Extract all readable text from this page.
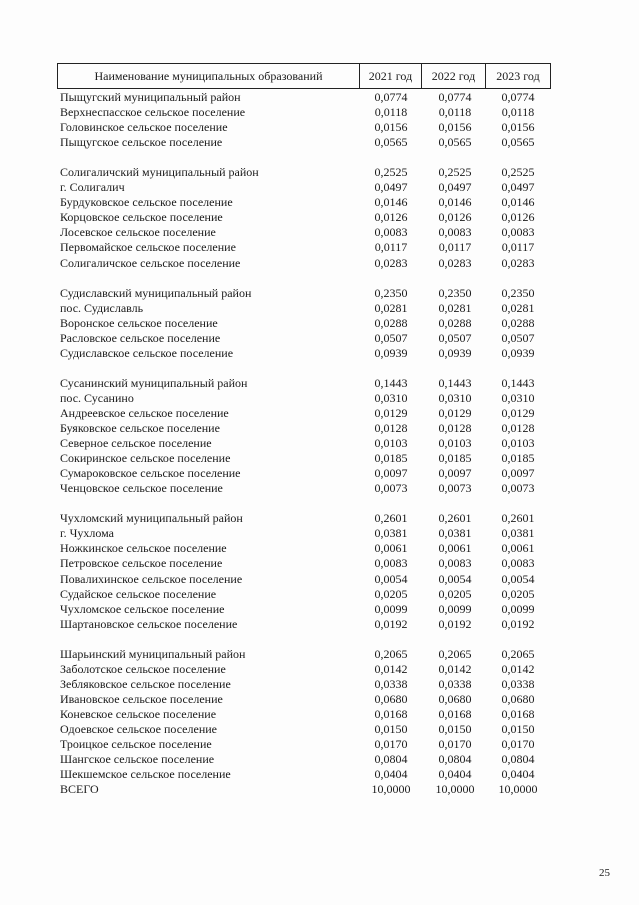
Наименование муниципальных образований	2021 год	2022 год	2023 год
Пыщугский муниципальный район	0,0774	0,0774	0,0774
Верхнеспасское сельское поселение	0,0118	0,0118	0,0118
Головинское сельское поселение	0,0156	0,0156	0,0156
Пыщугское сельское поселение	0,0565	0,0565	0,0565
Солигаличский муниципальный район	0,2525	0,2525	0,2525
г. Солигалич	0,0497	0,0497	0,0497
Бурдуковское сельское поселение	0,0146	0,0146	0,0146
Корцовское сельское поселение	0,0126	0,0126	0,0126
Лосевское сельское поселение	0,0083	0,0083	0,0083
Первомайское сельское поселение	0,0117	0,0117	0,0117
Солигаличское сельское поселение	0,0283	0,0283	0,0283
Судиславский муниципальный район	0,2350	0,2350	0,2350
пос. Судиславль	0,0281	0,0281	0,0281
Воронское сельское поселение	0,0288	0,0288	0,0288
Расловское сельское поселение	0,0507	0,0507	0,0507
Судиславское сельское поселение	0,0939	0,0939	0,0939
Сусанинский муниципальный район	0,1443	0,1443	0,1443
пос. Сусанино	0,0310	0,0310	0,0310
Андреевское сельское поселение	0,0129	0,0129	0,0129
Буяковское сельское поселение	0,0128	0,0128	0,0128
Северное сельское поселение	0,0103	0,0103	0,0103
Сокиринское сельское поселение	0,0185	0,0185	0,0185
Сумароковское сельское поселение	0,0097	0,0097	0,0097
Ченцовское сельское поселение	0,0073	0,0073	0,0073
Чухломский муниципальный район	0,2601	0,2601	0,2601
г. Чухлома	0,0381	0,0381	0,0381
Ножкинское сельское поселение	0,0061	0,0061	0,0061
Петровское сельское поселение	0,0083	0,0083	0,0083
Повалихинское сельское поселение	0,0054	0,0054	0,0054
Судайское сельское поселение	0,0205	0,0205	0,0205
Чухломское сельское поселение	0,0099	0,0099	0,0099
Шартановское сельское поселение	0,0192	0,0192	0,0192
Шарьинский муниципальный район	0,2065	0,2065	0,2065
Заболотское сельское поселение	0,0142	0,0142	0,0142
Зебляковское сельское поселение	0,0338	0,0338	0,0338
Ивановское сельское поселение	0,0680	0,0680	0,0680
Коневское сельское поселение	0,0168	0,0168	0,0168
Одоевское сельское поселение	0,0150	0,0150	0,0150
Троицкое сельское поселение	0,0170	0,0170	0,0170
Шангское сельское поселение	0,0804	0,0804	0,0804
Шекшемское сельское поселение	0,0404	0,0404	0,0404
ВСЕГО	10,0000	10,0000	10,0000
25
